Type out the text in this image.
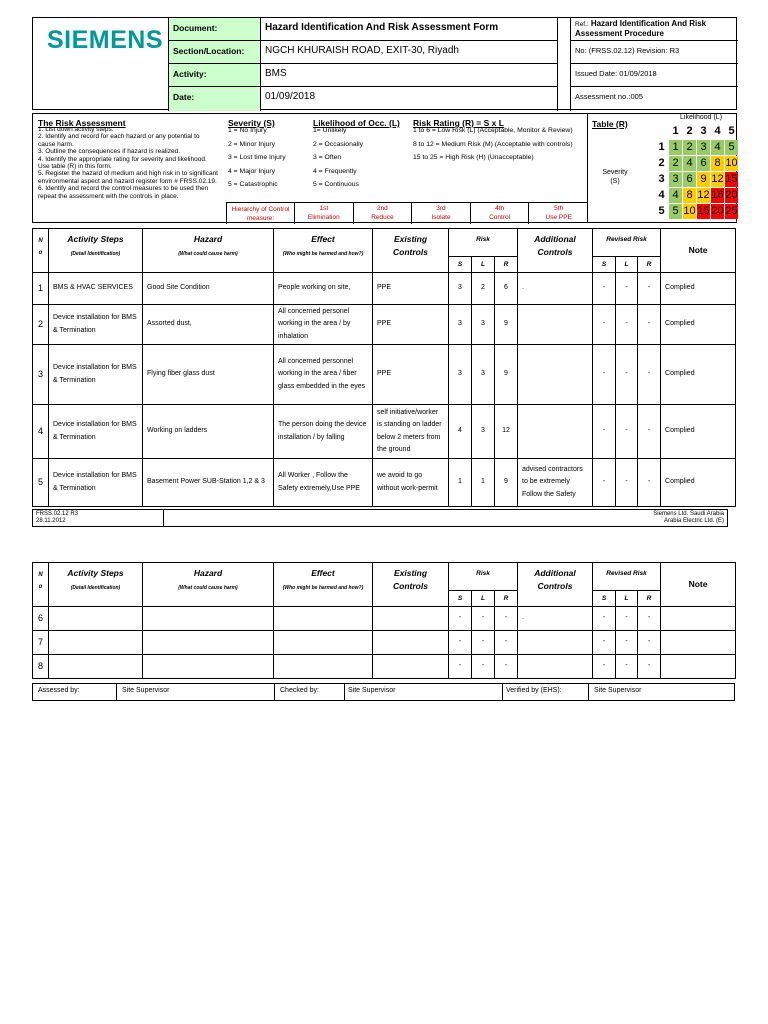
SIEMENS	Document:	Hazard Identification And Risk Assessment Form
Section/Location:	NGCH KHURAISH ROAD, EXIT-30, Riyadh
Activity:	BMS
Date:	01/09/2018
Ref.: Hazard Identification And Risk Assessment Procedure
No: (FRSS.02.12) Revision: R3
Issued Date: 01/09/2018
Assessment no.:005
The Risk Assessment
1. List down activity steps.
2. Identify and record for each hazard or any potential to cause harm.
3. Outline the consequences if hazard is realized.
4. Identify the appropriate rating for severity and likelihood. Use table (R) in this form.
5. Register the hazard of medium and high risk in to significant environmental aspect and hazard register form # FRSS.02.19.
6. Identify and record the control measures to be used then repeat the assessment with the controls in place.
Severity (S)
1 = No Injury
2 = Minor Injury
3 = Lost time Injury
4 = Major Injury
5 = Catastrophic
Likelihood of Occ. (L)
1= Unlikely
2 = Occasionally
3 = Often
4 = Frequently
5 = Continuous
Risk Rating (R) = S x L
1 to 6 = Low Risk (L) (Acceptable, Monitor & Review)
8 to 12 = Medium Risk (M) (Acceptable with controls)
15 to 25 = High Risk (H) (Unacceptable)
Hierarchy of Control measure:
1st
Elimination
2nd
Reduce
3rd
Isolate
4th
Control
5th
Use PPE
Table (R)
Likelihood (L)
Severity (S)
1 2 3 4 5
1 1 2 3 4 5
2 2 4 6 8 10
3 3 6 9 12 15
4 4 8 12 16 20
5 5 10 15 20 25
N o	Activity Steps
(Detail Identification)	Hazard
(What could cause harm)	Effect
(Who might be harmed and how?)	Existing Controls	Risk			Additional Controls	Revised Risk			Note
					S	L	R		S	L	R	
1	BMS & HVAC SERVICES	Good Site Condition	People working on site,	PPE	3	2	6	.	-	-	-	Complied
2	Device installation for BMS & Termination	Assorted dust,	All concerned personel working in the area / by inhalation	PPE	3	3	9		-	-	-	Complied
3	Device installation for BMS & Termination	Flying fiber glass dust	All concerned personnel working in the area / fiber glass embedded in the eyes	PPE	3	3	9		-	-	-	Complied
4	Device installation for BMS & Termination	Working on ladders	The person doing the device installation / by falling	self initiative/worker is standing on ladder below 2 meters from the ground	4	3	12		-	-	-	Complied
5	Device installation for BMS & Termination	Basement Power SUB-Station 1,2 & 3	All Worker , Follow the Safety extremely,Use PPE	we avoid to go without work-permit	1	1	9	advised contractors to be extremely Follow the Safety	-	-	-	Complied
FRSS.02.12 R3
28.11.2012
Siemens Ltd. Saudi Arabia
Arabia Electric Ltd. (E)
N o	Activity Steps
(Detail Identification)	Hazard
(What could cause harm)	Effect
(Who might be harmed and how?)	Existing Controls	Risk			Additional Controls	Revised Risk			Note
					S	L	R		S	L	R	
6					-	-	-	.	-	-	-	
7					-	-	-		-	-	-	
8					-	-	-		-	-	-	
Assessed by:	Site Supervisor	Checked by:	Site Supervisor	Verified by (EHS):	Site Supervisor
